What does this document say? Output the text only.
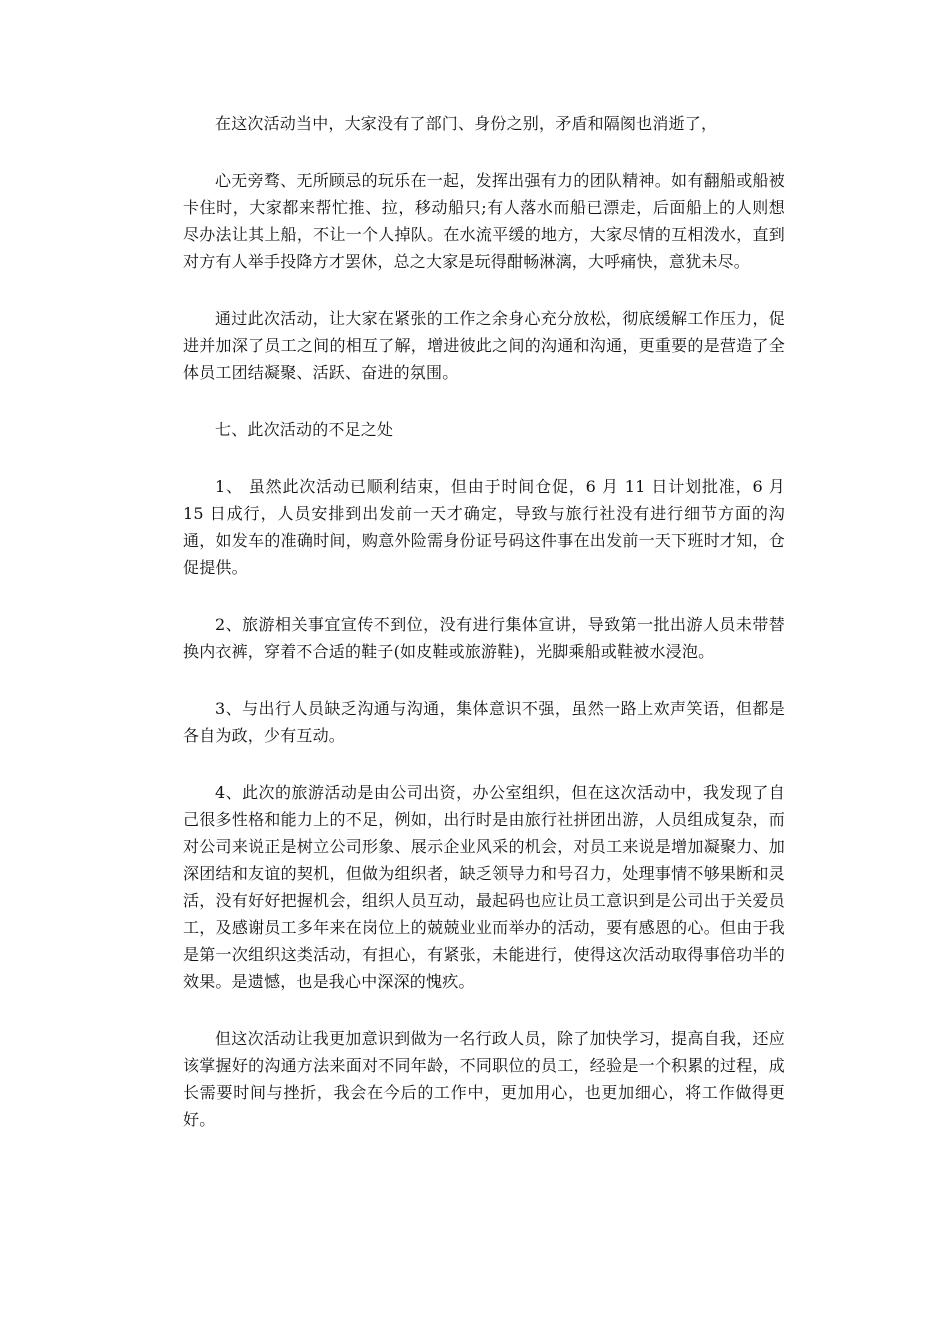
在这次活动当中，大家没有了部门、身份之别，矛盾和隔阂也消逝了，

心无旁骛、无所顾忌的玩乐在一起，发挥出强有力的团队精神。如有翻船或船被卡住时，大家都来帮忙推、拉，移动船只;有人落水而船已漂走，后面船上的人则想尽办法让其上船，不让一个人掉队。在水流平缓的地方，大家尽情的互相泼水，直到对方有人举手投降方才罢休，总之大家是玩得酣畅淋漓，大呼痛快，意犹未尽。

通过此次活动，让大家在紧张的工作之余身心充分放松，彻底缓解工作压力，促进并加深了员工之间的相互了解，增进彼此之间的沟通和沟通，更重要的是营造了全体员工团结凝聚、活跃、奋进的氛围。

七、此次活动的不足之处

1、 虽然此次活动已顺利结束，但由于时间仓促，6 月 11 日计划批准，6 月 15 日成行，人员安排到出发前一天才确定，导致与旅行社没有进行细节方面的沟通，如发车的准确时间，购意外险需身份证号码这件事在出发前一天下班时才知，仓促提供。

2、旅游相关事宜宣传不到位，没有进行集体宣讲，导致第一批出游人员未带替换内衣裤，穿着不合适的鞋子(如皮鞋或旅游鞋)，光脚乘船或鞋被水浸泡。

3、与出行人员缺乏沟通与沟通，集体意识不强，虽然一路上欢声笑语，但都是各自为政，少有互动。

4、此次的旅游活动是由公司出资，办公室组织，但在这次活动中，我发现了自己很多性格和能力上的不足，例如，出行时是由旅行社拼团出游，人员组成复杂，而对公司来说正是树立公司形象、展示企业风采的机会，对员工来说是增加凝聚力、加深团结和友谊的契机，但做为组织者，缺乏领导力和号召力，处理事情不够果断和灵活，没有好好把握机会，组织人员互动，最起码也应让员工意识到是公司出于关爱员工，及感谢员工多年来在岗位上的兢兢业业而举办的活动，要有感恩的心。但由于我是第一次组织这类活动，有担心，有紧张，未能进行，使得这次活动取得事倍功半的效果。是遗憾，也是我心中深深的愧疚。

但这次活动让我更加意识到做为一名行政人员，除了加快学习，提高自我，还应该掌握好的沟通方法来面对不同年龄，不同职位的员工，经验是一个积累的过程，成长需要时间与挫折，我会在今后的工作中，更加用心，也更加细心，将工作做得更好。
